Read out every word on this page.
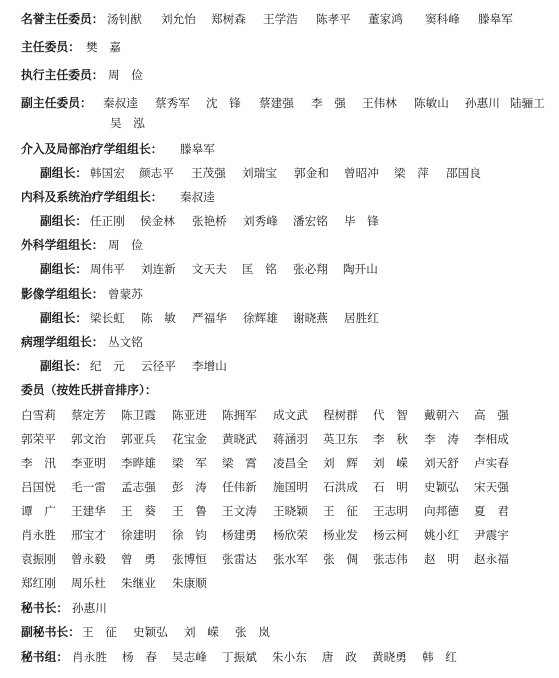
名誉主任委员： 汤钊猷 刘允怡 郑树森 王学浩 陈孝平 董家鸿 窦科峰 滕皋军
主任委员： 樊　嘉
执行主任委员： 周　俭
副主任委员： 秦叔逵 蔡秀军 沈　锋 蔡建强 李　强 王伟林 陈敏山 孙惠川 陆骊工
吴　泓
介入及局部治疗学组组长： 滕皋军
副组长： 韩国宏 颜志平 王茂强 刘瑞宝 郭金和 曾昭冲 梁　萍 邵国良
内科及系统治疗学组组长： 秦叔逵
副组长： 任正刚 侯金林 张艳桥 刘秀峰 潘宏铭 毕　锋
外科学组组长： 周　俭
副组长： 周伟平 刘连新 文天夫 匡　铭 张必翔 陶开山
影像学组组长： 曾蒙苏
副组长： 梁长虹 陈　敏 严福华 徐辉雄 谢晓燕 居胜红
病理学组组长： 丛文铭
副组长： 纪　元 云径平 李增山
委员（按姓氏拼音排序）：
白雪莉 蔡定芳 陈卫霞 陈亚进 陈拥军 成文武 程树群 代　智 戴朝六 高　强
郭荣平 郭文治 郭亚兵 花宝金 黄晓武 蒋涵羽 英卫东 李　秋 李　涛 李相成
李　汛 李亚明 李晔雄 梁　军 梁　霄 凌昌全 刘　辉 刘　嵘 刘天舒 卢实春
吕国悦 毛一雷 孟志强 彭　涛 任伟新 施国明 石洪成 石　明 史颖弘 宋天强
谭　广 王建华 王　葵 王　鲁 王文涛 王晓颖 王　征 王志明 向邦德 夏　君
肖永胜 邢宝才 徐建明 徐　钧 杨建勇 杨欣荣 杨业发 杨云柯 姚小红 尹震宇
袁振刚 曾永毅 曾　勇 张博恒 张雷达 张水军 张　倜 张志伟 赵　明 赵永福
郑红刚 周乐杜 朱继业 朱康顺
秘书长： 孙惠川
副秘书长： 王　征 史颖弘 刘　嵘 张　岚
秘书组： 肖永胜 杨　春 吴志峰 丁振斌 朱小东 唐　政 黄晓勇 韩　红
